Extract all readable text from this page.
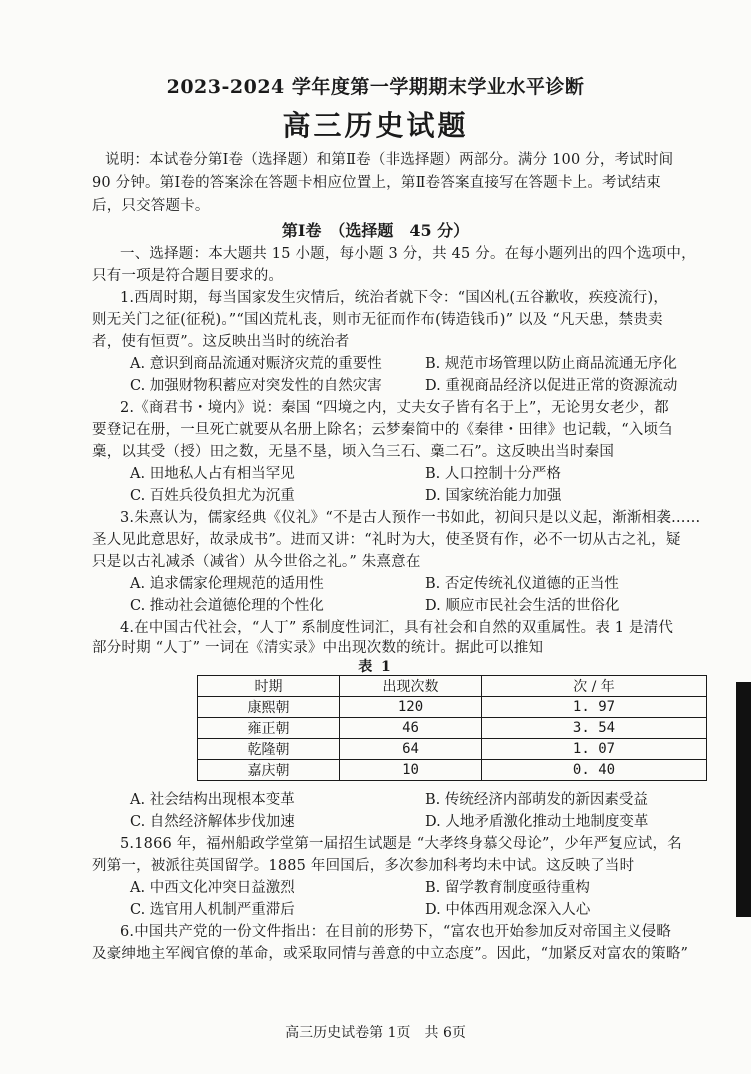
2023-2024 学年度第一学期期末学业水平诊断
高三历史试题
说明：本试卷分第Ⅰ卷（选择题）和第Ⅱ卷（非选择题）两部分。满分 100 分，考试时间
90 分钟。第Ⅰ卷的答案涂在答题卡相应位置上，第Ⅱ卷答案直接写在答题卡上。考试结束
后，只交答题卡。
第Ⅰ卷　（选择题　45 分）
一、选择题：本大题共 15 小题，每小题 3 分，共 45 分。在每小题列出的四个选项中，
只有一项是符合题目要求的。
1.西周时期，每当国家发生灾情后，统治者就下令：“国凶札(五谷歉收，疾疫流行)，
则无关门之征(征税)。”“国凶荒札丧，则市无征而作布(铸造钱币)” 以及 “凡天患，禁贵卖
者，使有恒贾”。这反映出当时的统治者
A. 意识到商品流通对赈济灾荒的重要性	B. 规范市场管理以防止商品流通无序化
C. 加强财物积蓄应对突发性的自然灾害	D. 重视商品经济以促进正常的资源流动
2.《商君书・境内》说：秦国 “四境之内，丈夫女子皆有名于上”，无论男女老少，都
要登记在册，一旦死亡就要从名册上除名；云梦秦简中的《秦律・田律》也记载，“入顷刍
稾，以其受（授）田之数，无垦不垦，顷入刍三石、稾二石”。这反映出当时秦国
A. 田地私人占有相当罕见	B. 人口控制十分严格
C. 百姓兵役负担尤为沉重	D. 国家统治能力加强
3.朱熹认为，儒家经典《仪礼》“不是古人预作一书如此，初间只是以义起，渐渐相袭……
圣人见此意思好，故录成书”。进而又讲：“礼时为大，使圣贤有作，必不一切从古之礼，疑
只是以古礼减杀（减省）从今世俗之礼。” 朱熹意在
A. 追求儒家伦理规范的适用性	B. 否定传统礼仪道德的正当性
C. 推动社会道德伦理的个性化	D. 顺应市民社会生活的世俗化
4.在中国古代社会，“人丁” 系制度性词汇，具有社会和自然的双重属性。表 1 是清代
部分时期 “人丁” 一词在《清实录》中出现次数的统计。据此可以推知
表 1
时期	出现次数	次 / 年
康熙朝	120	1. 97
雍正朝	46	3. 54
乾隆朝	64	1. 07
嘉庆朝	10	0. 40
A. 社会结构出现根本变革	B. 传统经济内部萌发的新因素受益
C. 自然经济解体步伐加速	D. 人地矛盾激化推动土地制度变革
5.1866 年，福州船政学堂第一届招生试题是 “大孝终身慕父母论”，少年严复应试，名
列第一，被派往英国留学。1885 年回国后，多次参加科考均未中试。这反映了当时
A. 中西文化冲突日益激烈	B. 留学教育制度亟待重构
C. 选官用人机制严重滞后	D. 中体西用观念深入人心
6.中国共产党的一份文件指出：在目前的形势下，“富农也开始参加反对帝国主义侵略
及豪绅地主军阀官僚的革命，或采取同情与善意的中立态度”。因此，“加紧反对富农的策略”
高三历史试卷第 1页　共 6页
